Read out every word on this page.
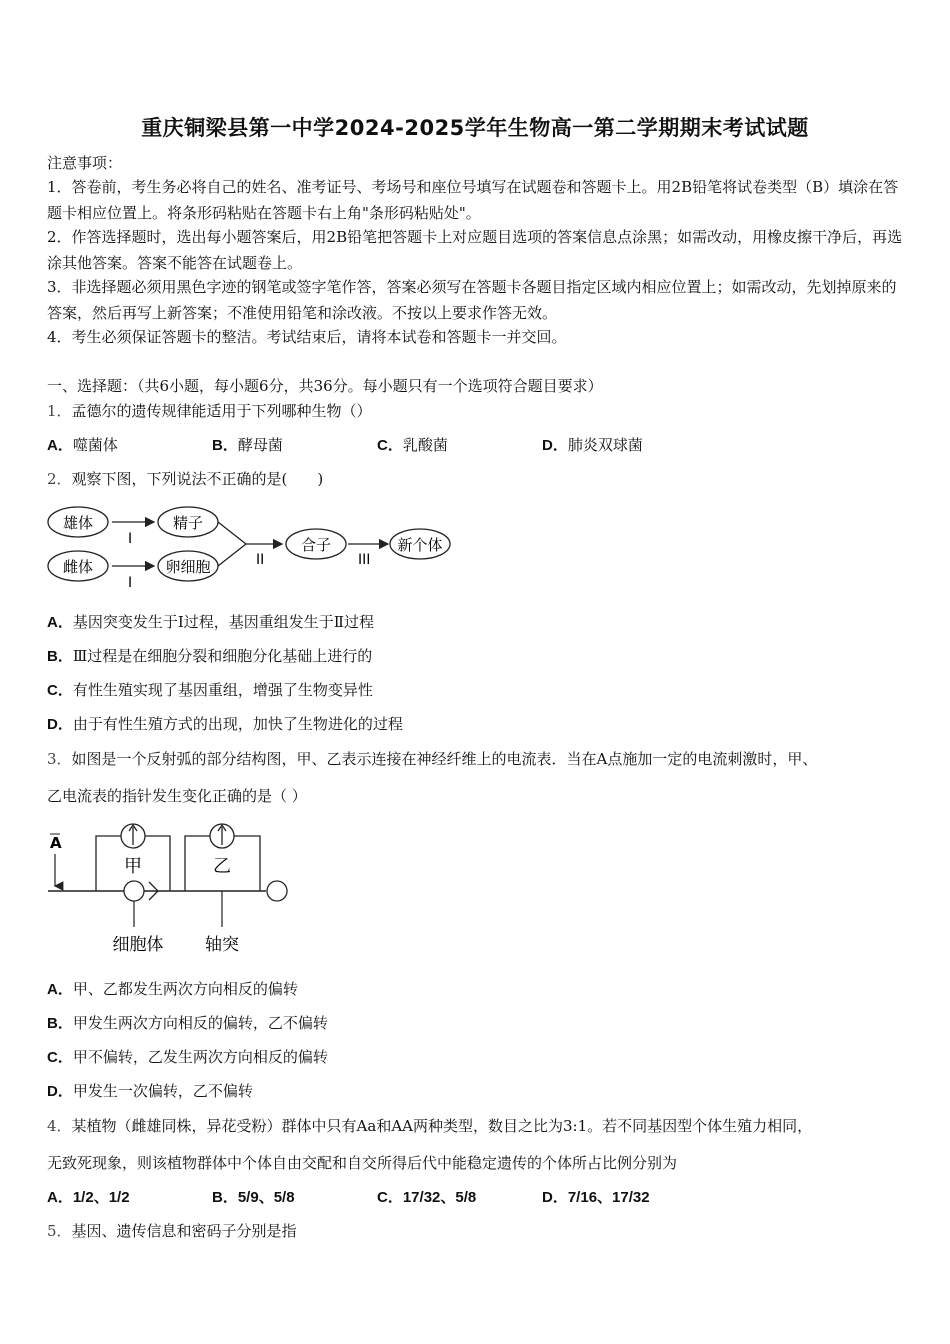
重庆铜梁县第一中学2024-2025学年生物高一第二学期期末考试试题
注意事项：
1．答卷前，考生务必将自己的姓名、准考证号、考场号和座位号填写在试题卷和答题卡上。用2B铅笔将试卷类型（B）填涂在答题卡相应位置上。将条形码粘贴在答题卡右上角"条形码粘贴处"。
2．作答选择题时，选出每小题答案后，用2B铅笔把答题卡上对应题目选项的答案信息点涂黑；如需改动，用橡皮擦干净后，再选涂其他答案。答案不能答在试题卷上。
3．非选择题必须用黑色字迹的钢笔或签字笔作答，答案必须写在答题卡各题目指定区域内相应位置上；如需改动，先划掉原来的答案，然后再写上新答案；不准使用铅笔和涂改液。不按以上要求作答无效。
4．考生必须保证答题卡的整洁。考试结束后，请将本试卷和答题卡一并交回。
一、选择题：（共6小题，每小题6分，共36分。每小题只有一个选项符合题目要求）
1．孟德尔的遗传规律能适用于下列哪种生物（）
A．噬菌体	B．酵母菌	C．乳酸菌	D．肺炎双球菌
2．观察下图，下列说法不正确的是(　　)
雄体
雌体
I
I
精子
卵细胞	II
合子
III
新个体
A．基因突变发生于Ⅰ过程，基因重组发生于Ⅱ过程
B．Ⅲ过程是在细胞分裂和细胞分化基础上进行的
C．有性生殖实现了基因重组，增强了生物变异性
D．由于有性生殖方式的出现，加快了生物进化的过程
3．如图是一个反射弧的部分结构图，甲、乙表示连接在神经纤维上的电流表．当在A点施加一定的电流刺激时，甲、
乙电流表的指针发生变化正确的是（ ）
A
甲	乙
细胞体 轴突
A．甲、乙都发生两次方向相反的偏转
B．甲发生两次方向相反的偏转，乙不偏转
C．甲不偏转，乙发生两次方向相反的偏转
D．甲发生一次偏转，乙不偏转
4．某植物（雌雄同株，异花受粉）群体中只有Aa和AA两种类型，数目之比为3:1。若不同基因型个体生殖力相同，
无致死现象，则该植物群体中个体自由交配和自交所得后代中能稳定遗传的个体所占比例分别为
A．1/2、1/2	B．5/9、5/8	C．17/32、5/8	D．7/16、17/32
5．基因、遗传信息和密码子分别是指
